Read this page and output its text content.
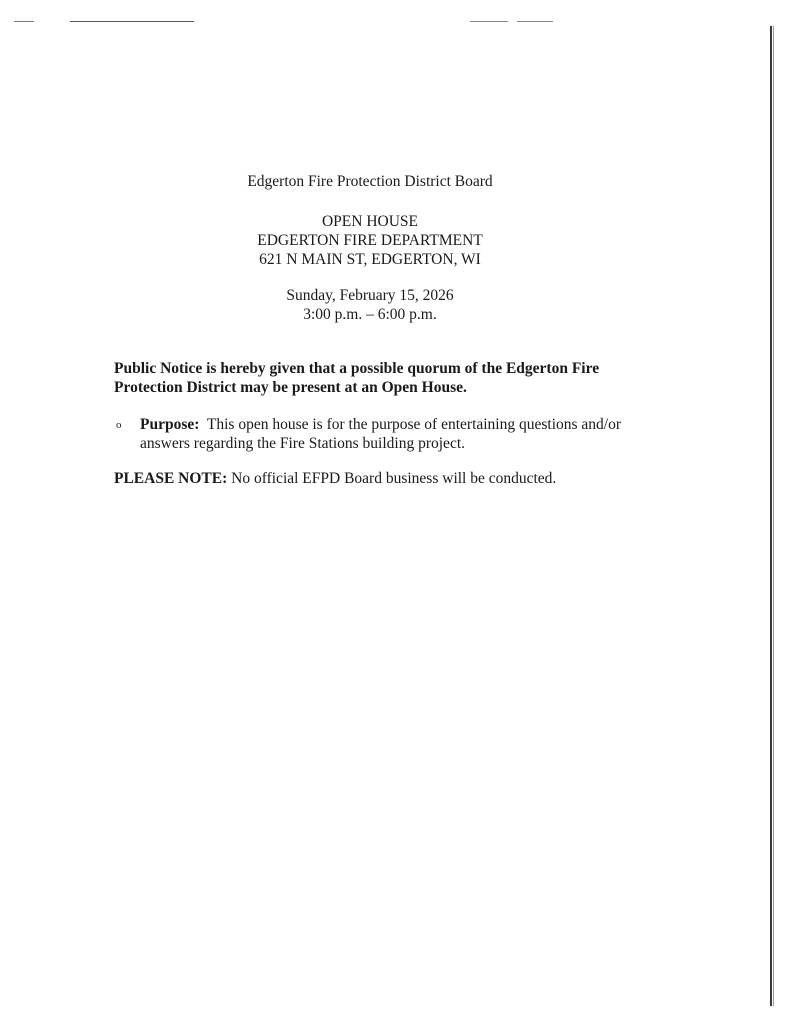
Edgerton Fire Protection District Board
OPEN HOUSE
EDGERTON FIRE DEPARTMENT
621 N MAIN ST, EDGERTON, WI
Sunday, February 15, 2026
3:00 p.m. – 6:00 p.m.
Public Notice is hereby given that a possible quorum of the Edgerton Fire
Protection District may be present at an Open House.
o Purpose: This open house is for the purpose of entertaining questions and/or
answers regarding the Fire Stations building project.
PLEASE NOTE: No official EFPD Board business will be conducted.
